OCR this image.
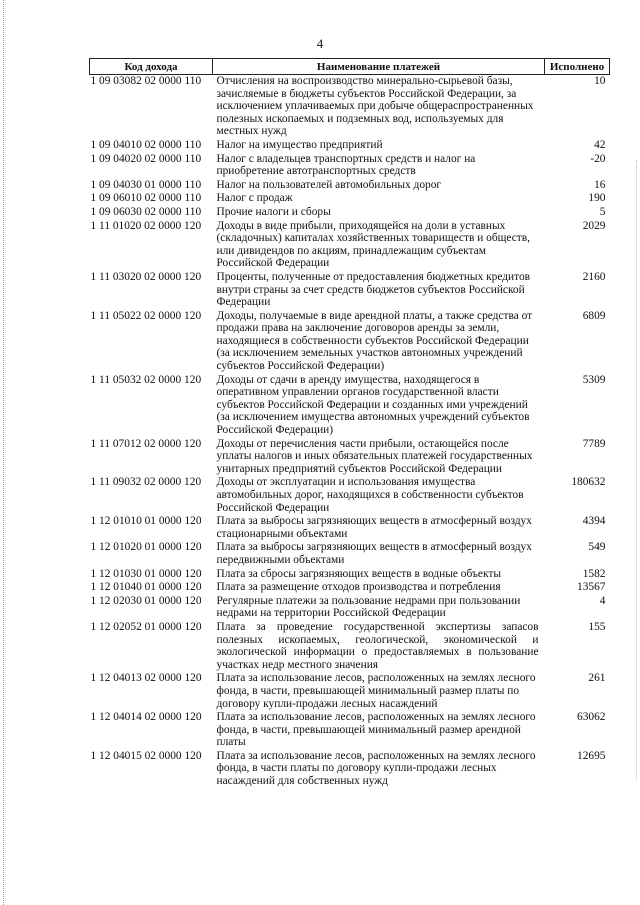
4
Код дохода	Наименование платежей	Исполнено
1 09 03082 02 0000 110	Отчисления на воспроизводство минерально-сырьевой базы, зачисляемые в бюджеты субъектов Российской Федерации, за исключением уплачиваемых при добыче общераспространенных полезных ископаемых и подземных вод, используемых для местных нужд	10
1 09 04010 02 0000 110	Налог на имущество предприятий	42
1 09 04020 02 0000 110	Налог с владельцев транспортных средств и налог на приобретение автотранспортных средств	-20
1 09 04030 01 0000 110	Налог на пользователей автомобильных дорог	16
1 09 06010 02 0000 110	Налог с продаж	190
1 09 06030 02 0000 110	Прочие налоги и сборы	5
1 11 01020 02 0000 120	Доходы в виде прибыли, приходящейся на доли в уставных (складочных) капиталах хозяйственных товариществ и обществ, или дивидендов по акциям, принадлежащим субъектам Российской Федерации	2029
1 11 03020 02 0000 120	Проценты, полученные от предоставления бюджетных кредитов внутри страны за счет средств бюджетов субъектов Российской Федерации	2160
1 11 05022 02 0000 120	Доходы, получаемые в виде арендной платы, а также средства от продажи права на заключение договоров аренды за земли, находящиеся в собственности субъектов Российской Федерации (за исключением земельных участков автономных учреждений субъектов Российской Федерации)	6809
1 11 05032 02 0000 120	Доходы от сдачи в аренду имущества, находящегося в оперативном управлении органов государственной власти субъектов Российской Федерации и созданных ими учреждений (за исключением имущества автономных учреждений субъектов Российской Федерации)	5309
1 11 07012 02 0000 120	Доходы от перечисления части прибыли, остающейся после уплаты налогов и иных обязательных платежей государственных унитарных предприятий субъектов Российской Федерации	7789
1 11 09032 02 0000 120	Доходы от эксплуатации и использования имущества автомобильных дорог, находящихся в собственности субъектов Российской Федерации	180632
1 12 01010 01 0000 120	Плата за выбросы загрязняющих веществ в атмосферный воздух стационарными объектами	4394
1 12 01020 01 0000 120	Плата за выбросы загрязняющих веществ в атмосферный воздух передвижными объектами	549
1 12 01030 01 0000 120	Плата за сбросы загрязняющих веществ в водные объекты	1582
1 12 01040 01 0000 120	Плата за размещение отходов производства и потребления	13567
1 12 02030 01 0000 120	Регулярные платежи за пользование недрами при пользовании недрами на территории Российской Федерации	4
1 12 02052 01 0000 120	Плата за проведение государственной экспертизы запасов полезных ископаемых, геологической, экономической и экологической информации о предоставляемых в пользование участках недр местного значения	155
1 12 04013 02 0000 120	Плата за использование лесов, расположенных на землях лесного фонда, в части, превышающей минимальный размер платы по договору купли-продажи лесных насаждений	261
1 12 04014 02 0000 120	Плата за использование лесов, расположенных на землях лесного фонда, в части, превышающей минимальный размер арендной платы	63062
1 12 04015 02 0000 120	Плата за использование лесов, расположенных на землях лесного фонда, в части платы по договору купли-продажи лесных насаждений для собственных нужд	12695
